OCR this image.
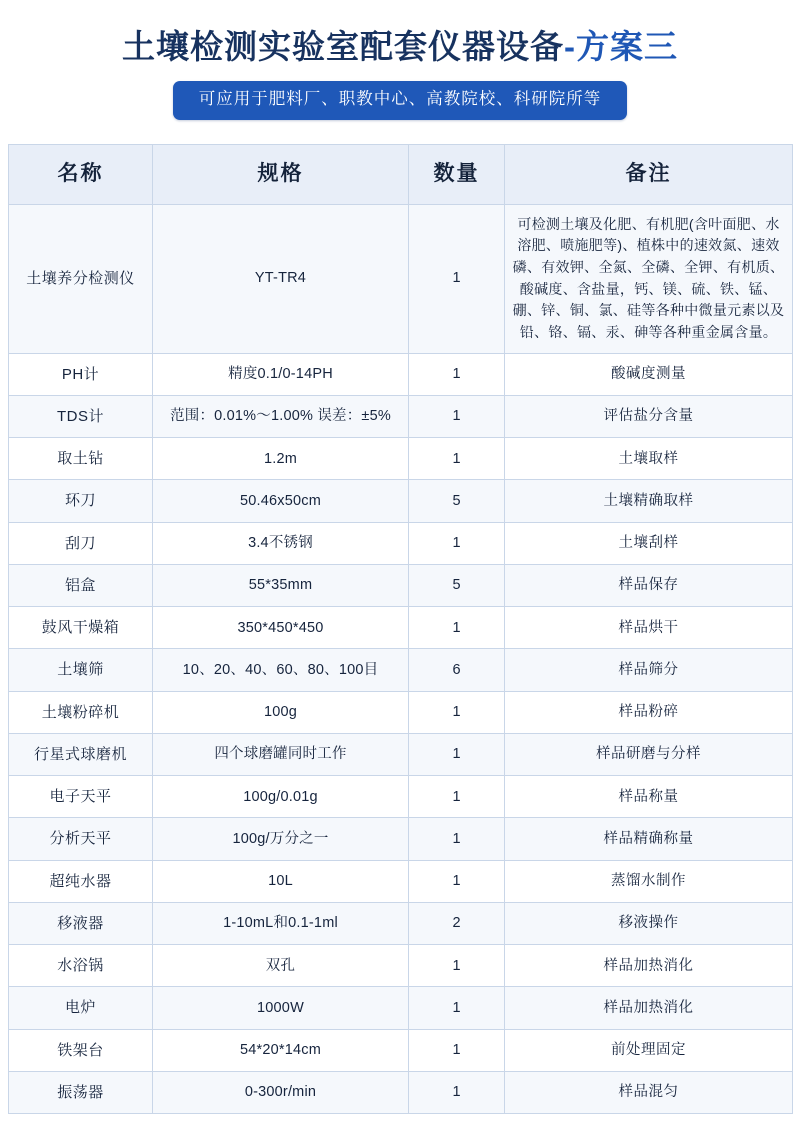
土壤检测实验室配套仪器设备-方案三
可应用于肥料厂、职教中心、高教院校、科研院所等
名称	规格	数量	备注
土壤养分检测仪	YT-TR4	1	可检测土壤及化肥、有机肥(含叶面肥、水溶肥、喷施肥等)、植株中的速效氮、速效磷、有效钾、全氮、全磷、全钾、有机质、酸碱度、含盐量，钙、镁、硫、铁、锰、硼、锌、铜、氯、硅等各种中微量元素以及铅、铬、镉、汞、砷等各种重金属含量。
PH计	精度0.1/0-14PH	1	酸碱度测量
TDS计	范围：0.01%～1.00% 误差：±5%	1	评估盐分含量
取土钻	1.2m	1	土壤取样
环刀	50.46x50cm	5	土壤精确取样
刮刀	3.4不锈钢	1	土壤刮样
铝盒	55*35mm	5	样品保存
鼓风干燥箱	350*450*450	1	样品烘干
土壤筛	10、20、40、60、80、100目	6	样品筛分
土壤粉碎机	100g	1	样品粉碎
行星式球磨机	四个球磨罐同时工作	1	样品研磨与分样
电子天平	100g/0.01g	1	样品称量
分析天平	100g/万分之一	1	样品精确称量
超纯水器	10L	1	蒸馏水制作
移液器	1-10mL和0.1-1ml	2	移液操作
水浴锅	双孔	1	样品加热消化
电炉	1000W	1	样品加热消化
铁架台	54*20*14cm	1	前处理固定
振荡器	0-300r/min	1	样品混匀
